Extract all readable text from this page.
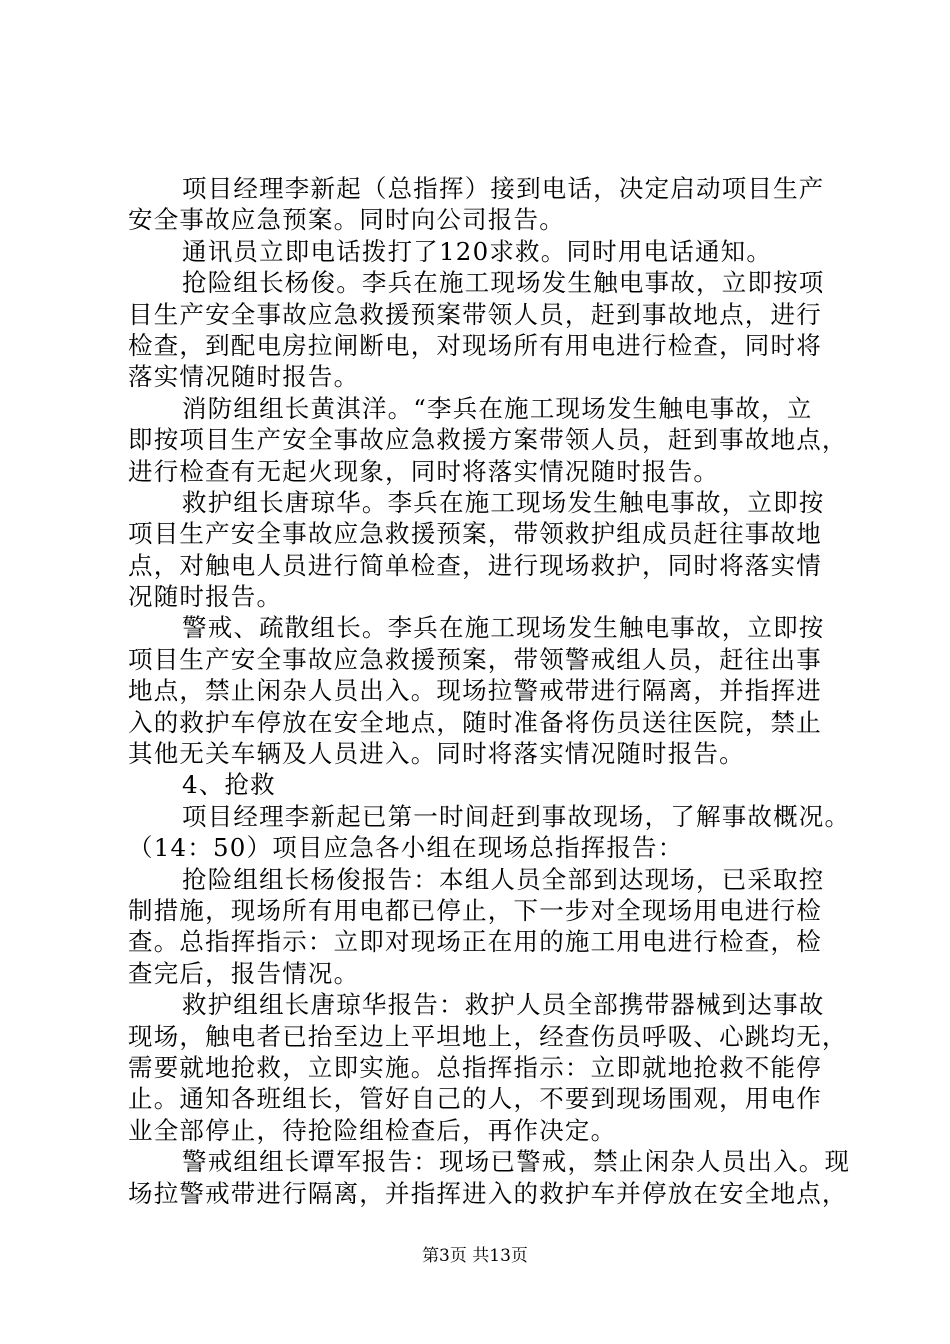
项目经理李新起（总指挥）接到电话，决定启动项目生产
安全事故应急预案。同时向公司报告。
通讯员立即电话拨打了120求救。同时用电话通知。
抢险组长杨俊。李兵在施工现场发生触电事故，立即按项
目生产安全事故应急救援预案带领人员，赶到事故地点，进行
检查，到配电房拉闸断电，对现场所有用电进行检查，同时将
落实情况随时报告。
消防组组长黄淇洋。“李兵在施工现场发生触电事故，立
即按项目生产安全事故应急救援方案带领人员，赶到事故地点，
进行检查有无起火现象，同时将落实情况随时报告。
救护组长唐琼华。李兵在施工现场发生触电事故，立即按
项目生产安全事故应急救援预案，带领救护组成员赶往事故地
点，对触电人员进行简单检查，进行现场救护，同时将落实情
况随时报告。
警戒、疏散组长。李兵在施工现场发生触电事故，立即按
项目生产安全事故应急救援预案，带领警戒组人员，赶往出事
地点，禁止闲杂人员出入。现场拉警戒带进行隔离，并指挥进
入的救护车停放在安全地点，随时准备将伤员送往医院，禁止
其他无关车辆及人员进入。同时将落实情况随时报告。
4、抢救
项目经理李新起已第一时间赶到事故现场，了解事故概况。
（14：50）项目应急各小组在现场总指挥报告：
抢险组组长杨俊报告：本组人员全部到达现场，已采取控
制措施，现场所有用电都已停止，下一步对全现场用电进行检
查。总指挥指示：立即对现场正在用的施工用电进行检查，检
查完后，报告情况。
救护组组长唐琼华报告：救护人员全部携带器械到达事故
现场，触电者已抬至边上平坦地上，经查伤员呼吸、心跳均无，
需要就地抢救，立即实施。总指挥指示：立即就地抢救不能停
止。通知各班组长，管好自己的人，不要到现场围观，用电作
业全部停止，待抢险组检查后，再作决定。
警戒组组长谭军报告：现场已警戒，禁止闲杂人员出入。现
场拉警戒带进行隔离，并指挥进入的救护车并停放在安全地点，
第3页 共13页
